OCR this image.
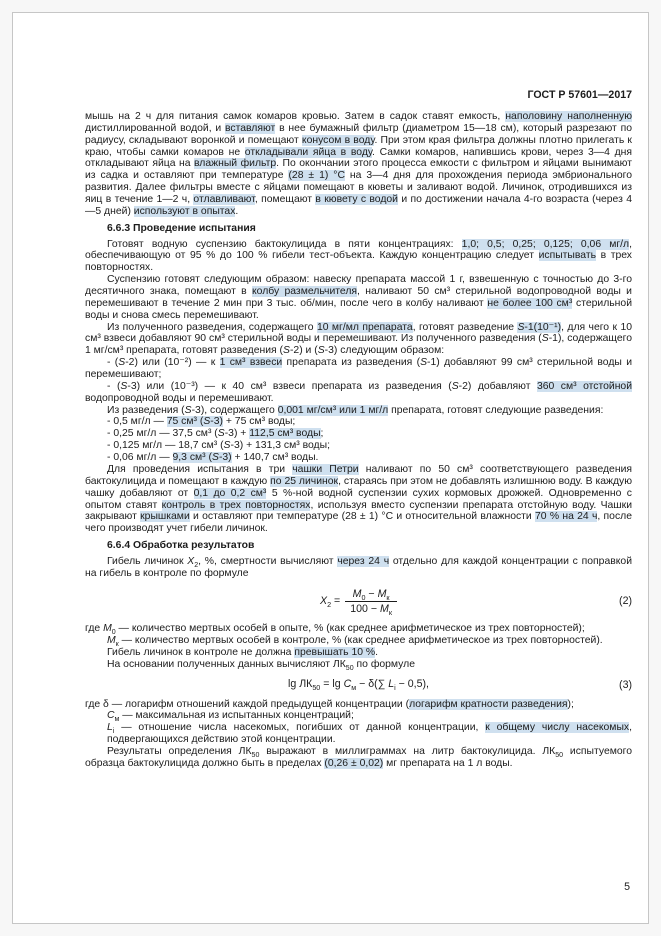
ГОСТ Р 57601—2017

мышь на 2 ч для питания самок комаров кровью. Затем в садок ставят емкость, наполовину наполненную дистиллированной водой, и вставляют в нее бумажный фильтр (диаметром 15—18 см), который разрезают по радиусу, складывают воронкой и помещают конусом в воду. При этом края фильтра должны плотно прилегать к краю, чтобы самки комаров не откладывали яйца в воду. Самки комаров, напившись крови, через 3—4 дня откладывают яйца на влажный фильтр. По окончании этого процесса емкости с фильтром и яйцами вынимают из садка и оставляют при температуре (28 ± 1) °С на 3—4 дня для прохождения периода эмбрионального развития. Далее фильтры вместе с яйцами помещают в кюветы и заливают водой. Личинок, отродившихся из яиц в течение 1—2 ч, отлавливают, помещают в кювету с водой и по достижении начала 4-го возраста (через 4—5 дней) используют в опытах.

6.6.3 Проведение испытания

Готовят водную суспензию бактокулицида в пяти концентрациях: 1,0; 0,5; 0,25; 0,125; 0,06 мг/л, обеспечивающую от 95 % до 100 % гибели тест-объекта. Каждую концентрацию следует испытывать в трех повторностях.

Суспензию готовят следующим образом: навеску препарата массой 1 г, взвешенную с точностью до 3-го десятичного знака, помещают в колбу размельчителя, наливают 50 см³ стерильной водопроводной воды и перемешивают в течение 2 мин при 3 тыс. об/мин, после чего в колбу наливают не более 100 см³ стерильной воды и снова смесь перемешивают.

Из полученного разведения, содержащего 10 мг/мл препарата, готовят разведение S-1(10⁻¹), для чего к 10 см³ взвеси добавляют 90 см³ стерильной воды и перемешивают. Из полученного разведения (S-1), содержащего 1 мг/см³ препарата, готовят разведения (S-2) и (S-3) следующим образом:

- (S-2) или (10⁻²) — к 1 см³ взвеси препарата из разведения (S-1) добавляют 99 см³ стерильной воды и перемешивают;

- (S-3) или (10⁻³) — к 40 см³ взвеси препарата из разведения (S-2) добавляют 360 см³ отстойной водопроводной воды и перемешивают.

Из разведения (S-3), содержащего 0,001 мг/см³ или 1 мг/л препарата, готовят следующие разведения:

- 0,5 мг/л — 75 см³ (S-3) + 75 см³ воды;

- 0,25 мг/л — 37,5 см³ (S-3) + 112,5 см³ воды;

- 0,125 мг/л — 18,7 см³ (S-3) + 131,3 см³ воды;

- 0,06 мг/л — 9,3 см³ (S-3) + 140,7 см³ воды.

Для проведения испытания в три чашки Петри наливают по 50 см³ соответствующего разведения бактокулицида и помещают в каждую по 25 личинок, стараясь при этом не добавлять излишнюю воду. В каждую чашку добавляют от 0,1 до 0,2 см³ 5 %-ной водной суспензии сухих кормовых дрожжей. Одновременно с опытом ставят контроль в трех повторностях, используя вместо суспензии препарата отстойную воду. Чашки закрывают крышками и оставляют при температуре (28 ± 1) °С и относительной влажности 70 % на 24 ч, после чего производят учет гибели личинок.

6.6.4 Обработка результатов

Гибель личинок $X_2$, %, смертности вычисляют через 24 ч отдельно для каждой концентрации с поправкой на гибель в контроле по формуле

$X_2 = \frac{M_0 - M_к}{100 - M_к}$	(2)

где $M_0$ — количество мертвых особей в опыте, % (как среднее арифметическое из трех повторностей);

$M_к$ — количество мертвых особей в контроле, % (как среднее арифметическое из трех повторностей).

Гибель личинок в контроле не должна превышать 10 %.

На основании полученных данных вычисляют $ЛК_{50}$ по формуле

$\lg ЛК_{50} = \lg C_м - \delta(\sum$ $L_i - 0,5$),	(3)

где δ — логарифм отношений каждой предыдущей концентрации (логарифм кратности разведения);

$C_м$ — максимальная из испытанных концентраций;

$L_i$ — отношение числа насекомых, погибших от данной концентрации, к общему числу насекомых, подвергающихся действию этой концентрации.

Результаты определения $ЛК_{50}$ выражают в миллиграммах на литр бактокулицида. $ЛК_{50}$ испытуемого образца бактокулицида должно быть в пределах (0,26 ± 0,02) мг препарата на 1 л воды.

5
